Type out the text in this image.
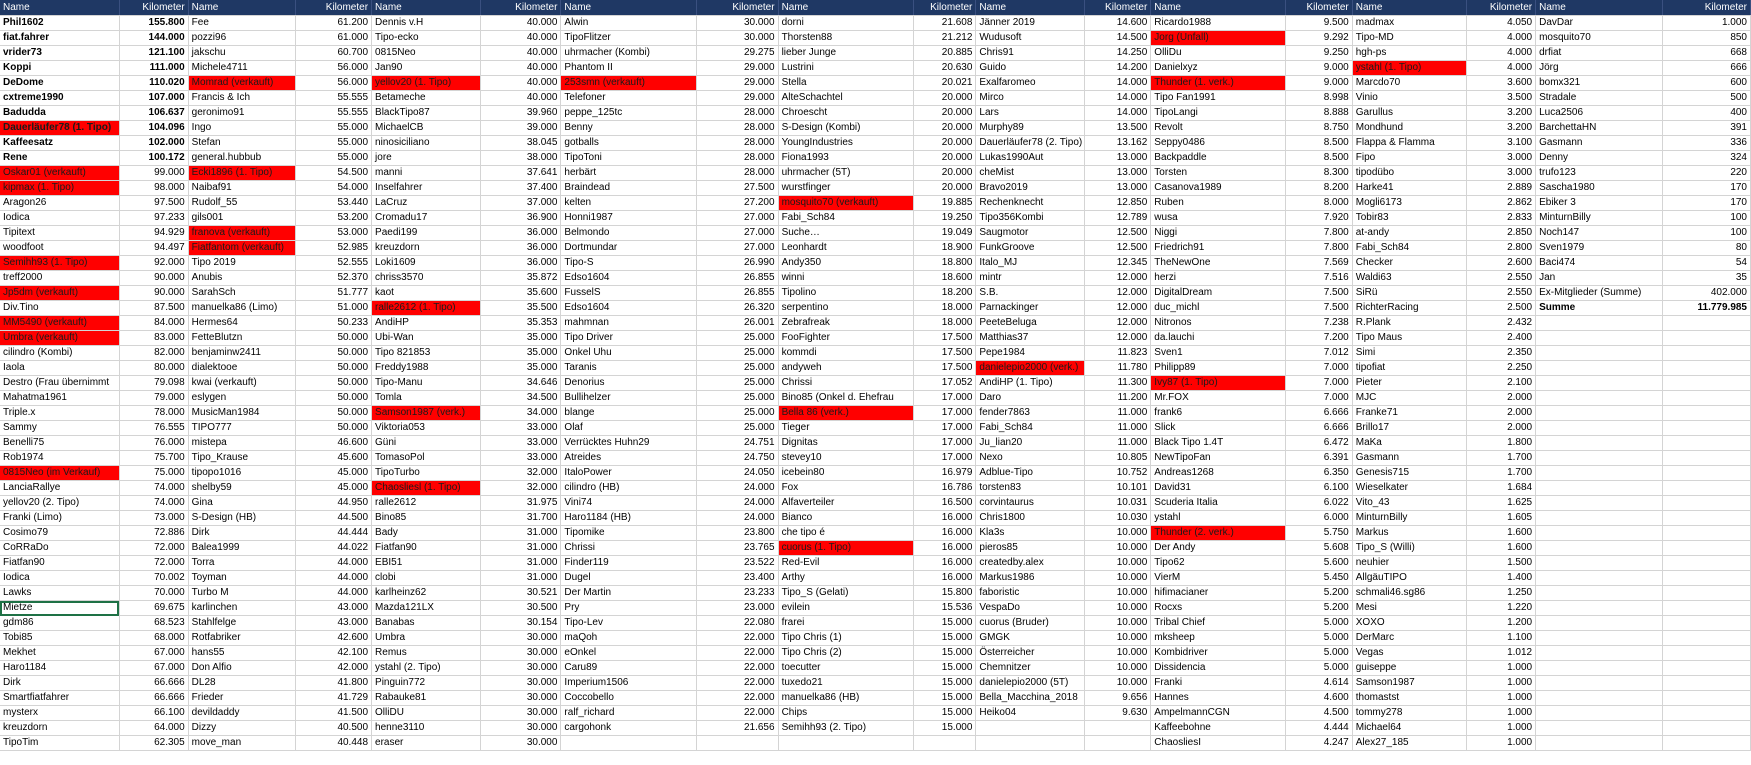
Name	Kilometer	Name	Kilometer	Name	Kilometer	Name	Kilometer	Name	Kilometer	Name	Kilometer	Name	Kilometer	Name	Kilometer	Name	Kilometer
Phil1602	155.800	Fee	61.200	Dennis v.H	40.000	Alwin	30.000	dorni	21.608	Jänner 2019	14.600	Ricardo1988	9.500	madmax	4.050	DavDar	1.000
fiat.fahrer	144.000	pozzi96	61.000	Tipo-ecko	40.000	TipoFlitzer	30.000	Thorsten88	21.212	Wudusoft	14.500	Jorg (Unfall)	9.292	Tipo-MD	4.000	mosquito70	850
vrider73	121.100	jakschu	60.700	0815Neo	40.000	uhrmacher (Kombi)	29.275	lieber Junge	20.885	Chris91	14.250	OlliDu	9.250	hgh-ps	4.000	drfiat	668
Koppi	111.000	Michele4711	56.000	Jan90	40.000	Phantom II	29.000	Lustrini	20.630	Guido	14.200	Danielxyz	9.000	ystahl (1. Tipo)	4.000	Jörg	666
DeDome	110.020	Momrad (verkauft)	56.000	yellov20 (1. Tipo)	40.000	253smn (verkauft)	29.000	Stella	20.021	Exalfaromeo	14.000	Thunder (1. verk.)	9.000	Marcdo70	3.600	bomx321	600
cxtreme1990	107.000	Francis & Ich	55.555	Betameche	40.000	Telefoner	29.000	AlteSchachtel	20.000	Mirco	14.000	Tipo Fan1991	8.998	Vinio	3.500	Stradale	500
Badudda	106.637	geronimo91	55.555	BlackTipo87	39.960	peppe_125tc	28.000	Chroescht	20.000	Lars	14.000	TipoLangi	8.888	Garullus	3.200	Luca2506	400
Dauerläufer78 (1. Tipo)	104.096	Ingo	55.000	MichaelCB	39.000	Benny	28.000	S-Design (Kombi)	20.000	Murphy89	13.500	Revolt	8.750	Mondhund	3.200	BarchettaHN	391
Kaffeesatz	102.000	Stefan	55.000	ninosiciliano	38.045	gotballs	28.000	YoungIndustries	20.000	Dauerläufer78 (2. Tipo)	13.162	Seppy0486	8.500	Flappa & Flamma	3.100	Gasmann	336
Rene	100.172	general.hubbub	55.000	jore	38.000	TipoToni	28.000	Fiona1993	20.000	Lukas1990Aut	13.000	Backpaddle	8.500	Fipo	3.000	Denny	324
Oskar01 (verkauft)	99.000	Ecki1896 (1. Tipo)	54.500	manni	37.641	herbärt	28.000	uhrmacher (5T)	20.000	cheMist	13.000	Torsten	8.300	tipodübo	3.000	trufo123	220
kipmax (1. Tipo)	98.000	Naibaf91	54.000	Inselfahrer	37.400	Braindead	27.500	wurstfinger	20.000	Bravo2019	13.000	Casanova1989	8.200	Harke41	2.889	Sascha1980	170
Aragon26	97.500	Rudolf_55	53.440	LaCruz	37.000	kelten	27.200	mosquito70 (verkauft)	19.885	Rechenknecht	12.850	Ruben	8.000	Mogli6173	2.862	Ebiker 3	170
Iodica	97.233	gils001	53.200	Cromadu17	36.900	Honni1987	27.000	Fabi_Sch84	19.250	Tipo356Kombi	12.789	wusa	7.920	Tobir83	2.833	MinturnBilly	100
Tipitext	94.929	franova (verkauft)	53.000	Paedi199	36.000	Belmondo	27.000	Suche…	19.049	Saugmotor	12.500	Niggi	7.800	at-andy	2.850	Noch147	100
woodfoot	94.497	Fiatfantom (verkauft)	52.985	kreuzdorn	36.000	Dortmundar	27.000	Leonhardt	18.900	FunkGroove	12.500	Friedrich91	7.800	Fabi_Sch84	2.800	Sven1979	80
Semihh93 (1. Tipo)	92.000	Tipo 2019	52.555	Loki1609	36.000	Tipo-S	26.990	Andy350	18.800	Italo_MJ	12.345	TheNewOne	7.569	Checker	2.600	Baci474	54
treff2000	90.000	Anubis	52.370	chriss3570	35.872	Edso1604	26.855	winni	18.600	mintr	12.000	herzi	7.516	Waldi63	2.550	Jan	35
Jp5dm (verkauft)	90.000	SarahSch	51.777	kaot	35.600	FusselS	26.855	Tipolino	18.200	S.B.	12.000	DigitalDream	7.500	SiRü	2.550	Ex-Mitglieder (Summe)	402.000
Div.Tino	87.500	manuelka86 (Limo)	51.000	ralle2612 (1. Tipo)	35.500	Edso1604	26.320	serpentino	18.000	Parnackinger	12.000	duc_michl	7.500	RichterRacing	2.500	Summe	11.779.985
MM5490 (verkauft)	84.000	Hermes64	50.233	AndiHP	35.353	mahmnan	26.001	Zebrafreak	18.000	PeeteBeluga	12.000	Nitronos	7.238	R.Plank	2.432		
Umbra (verkauft)	83.000	FetteBlutzn	50.000	Ubi-Wan	35.000	Tipo Driver	25.000	FooFighter	17.500	Matthias37	12.000	da.lauchi	7.200	Tipo Maus	2.400		
cilindro (Kombi)	82.000	benjaminw2411	50.000	Tipo 821853	35.000	Onkel Uhu	25.000	kommdi	17.500	Pepe1984	11.823	Sven1	7.012	Simi	2.350		
Iaola	80.000	dialektooe	50.000	Freddy1988	35.000	Taranis	25.000	andyweh	17.500	danielepio2000 (verk.)	11.780	Philipp89	7.000	tipofiat	2.250		
Destro (Frau übernimmt	79.098	kwai (verkauft)	50.000	Tipo-Manu	34.646	Denorius	25.000	Chrissi	17.052	AndiHP (1. Tipo)	11.300	Ivy87 (1. Tipo)	7.000	Pieter	2.100		
Mahatma1961	79.000	eslygen	50.000	Tomla	34.500	Bullihelzer	25.000	Bino85 (Onkel d. Ehefrau	17.000	Daro	11.200	Mr.FOX	7.000	MJC	2.000		
Triple.x	78.000	MusicMan1984	50.000	Samson1987 (verk.)	34.000	blange	25.000	Bella 86 (verk.)	17.000	fender7863	11.000	frank6	6.666	Franke71	2.000		
Sammy	76.555	TIPO777	50.000	Viktoria053	33.000	Olaf	25.000	Tieger	17.000	Fabi_Sch84	11.000	Slick	6.666	Brillo17	2.000		
Benelli75	76.000	mistepa	46.600	Güni	33.000	Verrücktes Huhn29	24.751	Dignitas	17.000	Ju_lian20	11.000	Black Tipo 1.4T	6.472	MaKa	1.800		
Rob1974	75.700	Tipo_Krause	45.600	TomasoPol	33.000	Atreides	24.750	stevey10	17.000	Nexo	10.805	NewTipoFan	6.391	Gasmann	1.700		
0815Neo (im Verkauf)	75.000	tipopo1016	45.000	TipoTurbo	32.000	ItaloPower	24.050	icebein80	16.979	Adblue-Tipo	10.752	Andreas1268	6.350	Genesis715	1.700		
LanciaRallye	74.000	shelby59	45.000	Chaosliesl (1. Tipo)	32.000	cilindro (HB)	24.000	Fox	16.786	torsten83	10.101	David31	6.100	Wieselkater	1.684		
yellov20 (2. Tipo)	74.000	Gina	44.950	ralle2612	31.975	Vini74	24.000	Alfaverteiler	16.500	corvintaurus	10.031	Scuderia Italia	6.022	Vito_43	1.625		
Franki (Limo)	73.000	S-Design (HB)	44.500	Bino85	31.700	Haro1184 (HB)	24.000	Bianco	16.000	Chris1800	10.030	ystahl	6.000	MinturnBilly	1.605		
Cosimo79	72.886	Dirk	44.444	Bady	31.000	Tipomike	23.800	che tipo é	16.000	Kla3s	10.000	Thunder (2. verk.)	5.750	Markus	1.600		
CoRRaDo	72.000	Balea1999	44.022	Fiatfan90	31.000	Chrissi	23.765	cuorus (1. Tipo)	16.000	pieros85	10.000	Der Andy	5.608	Tipo_S (Willi)	1.600		
Fiatfan90	72.000	Torra	44.000	EBI51	31.000	Finder119	23.522	Red-Evil	16.000	createdby.alex	10.000	Tipo62	5.600	neuhier	1.500		
Iodica	70.002	Toyman	44.000	clobi	31.000	Dugel	23.400	Arthy	16.000	Markus1986	10.000	VierM	5.450	AllgäuTIPO	1.400		
Lawks	70.000	Turbo M	44.000	karlheinz62	30.521	Der Martin	23.233	Tipo_S (Gelati)	15.800	faboristic	10.000	hifimacianer	5.200	schmali46.sg86	1.250		
Mietze	69.675	karlinchen	43.000	Mazda121LX	30.500	Pry	23.000	evilein	15.536	VespaDo	10.000	Rocxs	5.200	Mesi	1.220		
gdm86	68.523	Stahlfelge	43.000	Banabas	30.154	Tipo-Lev	22.080	frarei	15.000	cuorus (Bruder)	10.000	Tribal Chief	5.000	XOXO	1.200		
Tobi85	68.000	Rotfabriker	42.600	Umbra	30.000	maQoh	22.000	Tipo Chris (1)	15.000	GMGK	10.000	mksheep	5.000	DerMarc	1.100		
Mekhet	67.000	hans55	42.100	Remus	30.000	eOnkel	22.000	Tipo Chris (2)	15.000	Österreicher	10.000	Kombidriver	5.000	Vegas	1.012		
Haro1184	67.000	Don Alfio	42.000	ystahl (2. Tipo)	30.000	Caru89	22.000	toecutter	15.000	Chemnitzer	10.000	Dissidencia	5.000	guiseppe	1.000		
Dirk	66.666	DL28	41.800	Pinguin772	30.000	Imperium1506	22.000	tuxedo21	15.000	danielepio2000 (5T)	10.000	Franki	4.614	Samson1987	1.000		
Smartfiatfahrer	66.666	Frieder	41.729	Rabauke81	30.000	Coccobello	22.000	manuelka86 (HB)	15.000	Bella_Macchina_2018	9.656	Hannes	4.600	thomastst	1.000		
mysterx	66.100	devildaddy	41.500	OlliDU	30.000	ralf_richard	22.000	Chips	15.000	Heiko04	9.630	AmpelmannCGN	4.500	tommy278	1.000		
kreuzdorn	64.000	Dizzy	40.500	henne3110	30.000	cargohonk	21.656	Semihh93 (2. Tipo)	15.000			Kaffeebohne	4.444	Michael64	1.000		
TipoTim	62.305	move_man	40.448	eraser	30.000							ChaosliesI	4.247	Alex27_185	1.000		
